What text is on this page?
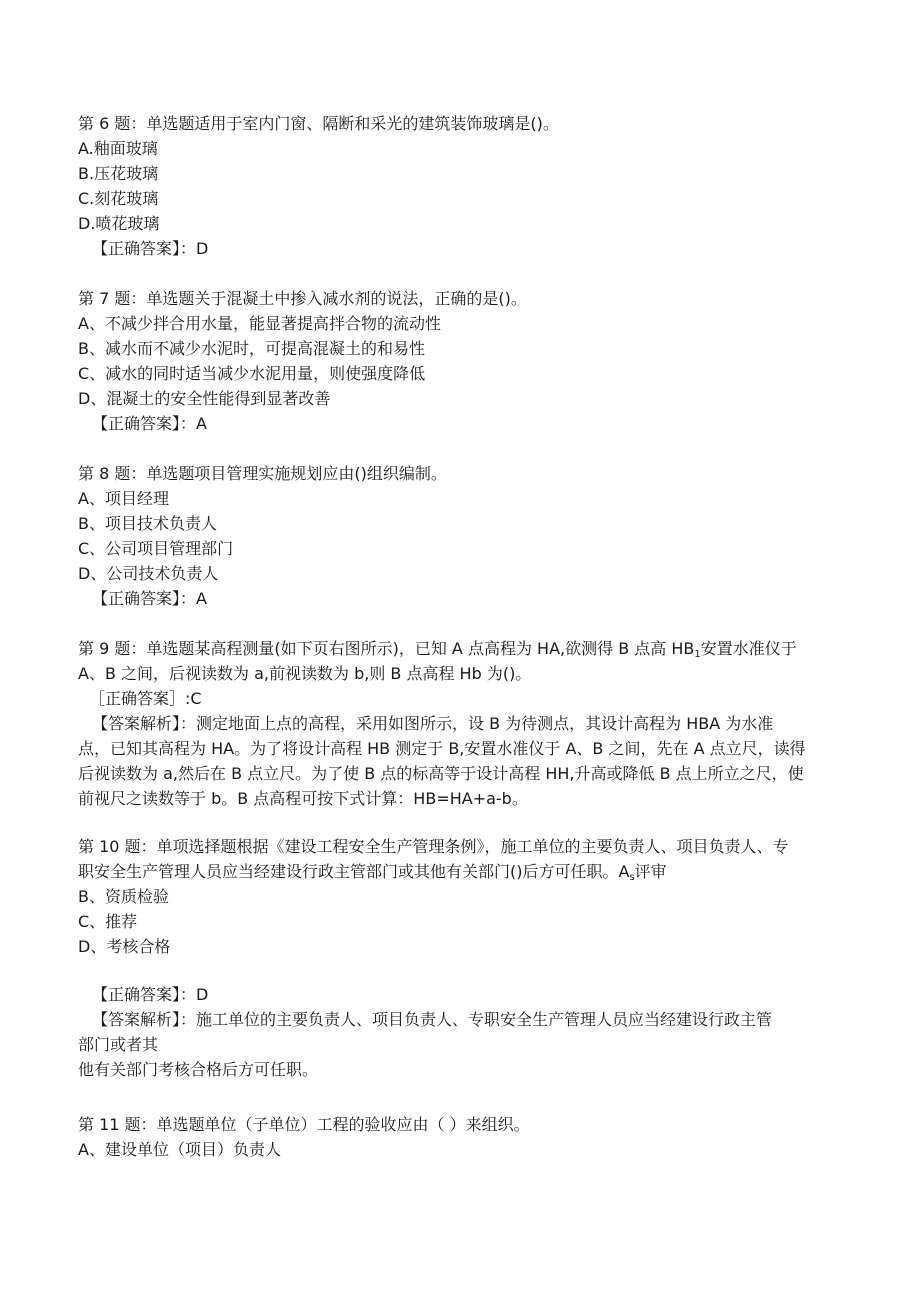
第 6 题：单选题适用于室内门窗、隔断和采光的建筑装饰玻璃是()。

A.釉面玻璃

B.压花玻璃

C.刻花玻璃

D.喷花玻璃

【正确答案】：D

第 7 题：单选题关于混凝土中掺入减水剂的说法，正确的是()。

A、不减少拌合用水量，能显著提高拌合物的流动性

B、减水而不减少水泥时，可提高混凝土的和易性

C、减水的同时适当减少水泥用量，则使强度降低

D、混凝土的安全性能得到显著改善

【正确答案】：A

第 8 题：单选题项目管理实施规划应由()组织编制。

A、项目经理

B、项目技术负责人

C、公司项目管理部门

D、公司技术负责人

【正确答案】：A

第 9 题：单选题某高程测量(如下页右图所示)，已知 A 点高程为 HA,欲测得 B 点高 $HB_1$安置水准仪于

A、B 之间，后视读数为 a,前视读数为 b,则 B 点高程 Hb 为()。

［正确答案］:C

【答案解析】：测定地面上点的高程，采用如图所示，设 B 为待测点，其设计高程为 HBA 为水准

点，已知其高程为 HA。为了将设计高程 HB 测定于 B,安置水准仪于 A、B 之间，先在 A 点立尺，读得

后视读数为 a,然后在 B 点立尺。为了使 B 点的标高等于设计高程 HH,升高或降低 B 点上所立之尺，使

前视尺之读数等于 b。B 点高程可按下式计算：HB=HA+a-b。

第 10 题：单项选择题根据《建设工程安全生产管理条例》，施工单位的主要负责人、项目负责人、专

职安全生产管理人员应当经建设行政主管部门或其他有关部门()后方可任职。$A_s$评审

B、资质检验

C、推荐

D、考核合格

【正确答案】：D

【答案解析】：施工单位的主要负责人、项目负责人、专职安全生产管理人员应当经建设行政主管

部门或者其

他有关部门考核合格后方可任职。

第 11 题：单选题单位（子单位）工程的验收应由（ ）来组织。

A、建设单位（项目）负责人
